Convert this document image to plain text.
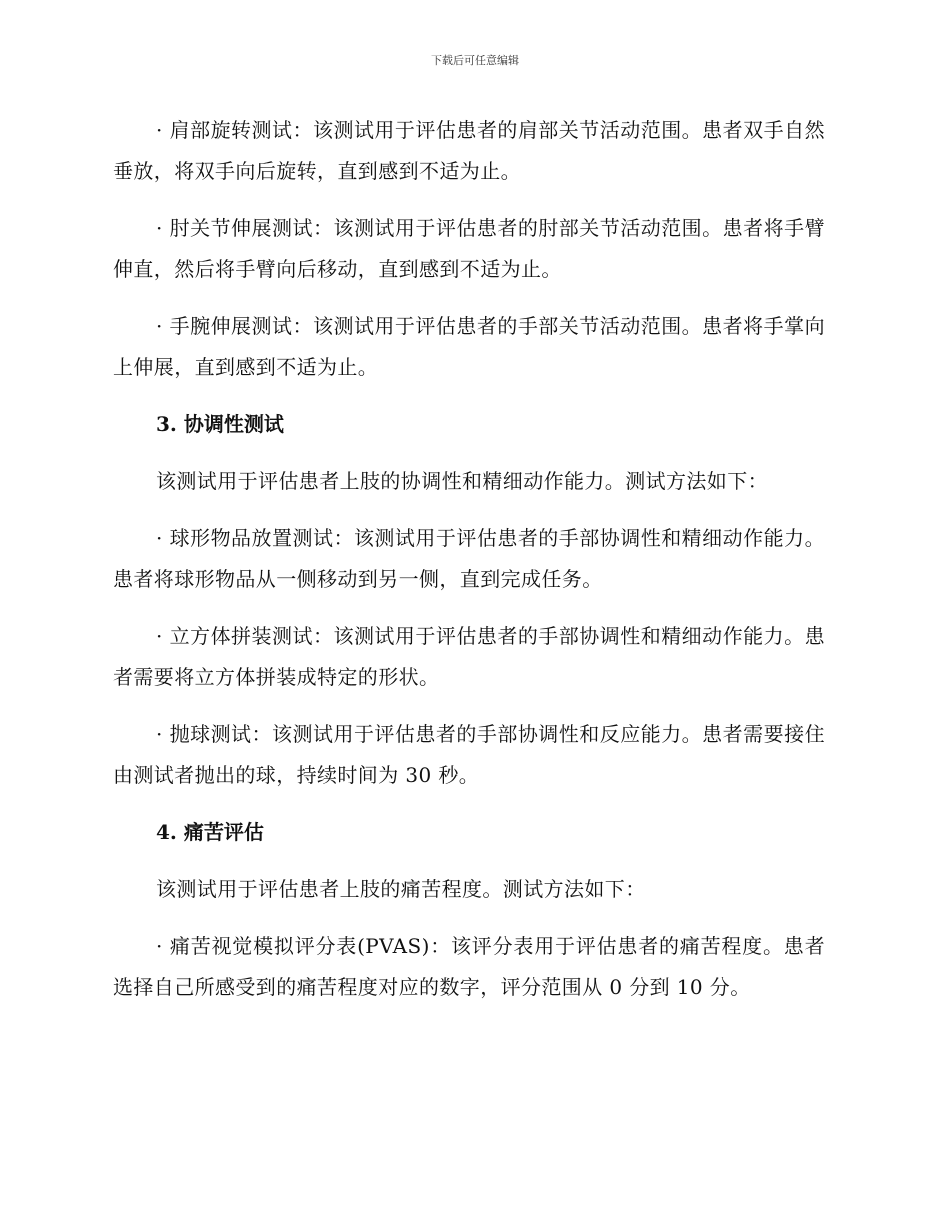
下载后可任意编辑

· 肩部旋转测试：该测试用于评估患者的肩部关节活动范围。患者双手自然垂放，将双手向后旋转，直到感到不适为止。

· 肘关节伸展测试：该测试用于评估患者的肘部关节活动范围。患者将手臂伸直，然后将手臂向后移动，直到感到不适为止。

· 手腕伸展测试：该测试用于评估患者的手部关节活动范围。患者将手掌向上伸展，直到感到不适为止。

3. 协调性测试

该测试用于评估患者上肢的协调性和精细动作能力。测试方法如下：

· 球形物品放置测试：该测试用于评估患者的手部协调性和精细动作能力。患者将球形物品从一侧移动到另一侧，直到完成任务。

· 立方体拼装测试：该测试用于评估患者的手部协调性和精细动作能力。患者需要将立方体拼装成特定的形状。

· 抛球测试：该测试用于评估患者的手部协调性和反应能力。患者需要接住由测试者抛出的球，持续时间为 30 秒。

4. 痛苦评估

该测试用于评估患者上肢的痛苦程度。测试方法如下：

· 痛苦视觉模拟评分表(PVAS)：该评分表用于评估患者的痛苦程度。患者选择自己所感受到的痛苦程度对应的数字，评分范围从 0 分到 10 分。
